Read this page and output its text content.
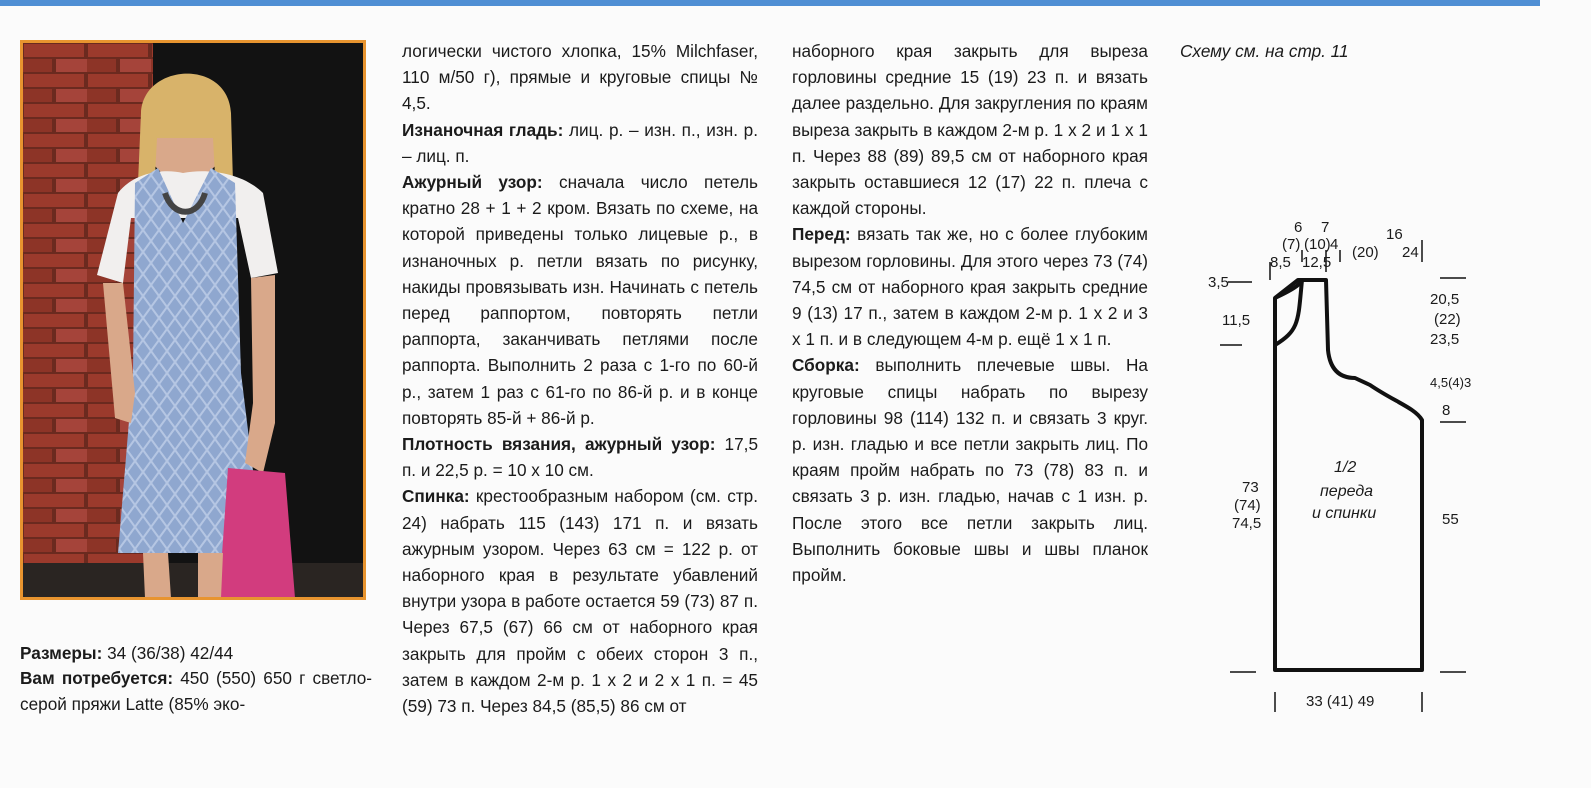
Размеры: 34 (36/38) 42/44

Вам потребуется: 450 (550) 650 г светло-серой пряжи Latte (85% эко-

логически чистого хлопка, 15% Milchfaser, 110 м/50 г), прямые и круговые спицы № 4,5.

Изнаночная гладь: лиц. р. – изн. п., изн. р. – лиц. п.

Ажурный узор: сначала число петель кратно 28 + 1 + 2 кром. Вязать по схеме, на которой приведены только лицевые р., в изнаночных р. петли вязать по рисунку, накиды провязывать изн. Начинать с петель перед раппортом, повторять петли раппорта, заканчивать петлями после раппорта. Выполнить 2 раза с 1-го по 60-й р., затем 1 раз с 61-го по 86-й р. и в конце повторять 85-й + 86-й р.

Плотность вязания, ажурный узор: 17,5 п. и 22,5 р. = 10 х 10 см.

Спинка: крестообразным набором (см. стр. 24) набрать 115 (143) 171 п. и вязать ажурным узором. Через 63 см = 122 р. от наборного края в результате убавлений внутри узора в работе остается 59 (73) 87 п. Через 67,5 (67) 66 см от наборного края закрыть для пройм с обеих сторон 3 п., затем в каждом 2-м р. 1 х 2 и 2 х 1 п. = 45 (59) 73 п. Через 84,5 (85,5) 86 см от

наборного края закрыть для выреза горловины средние 15 (19) 23 п. и вязать далее раздельно. Для закругления по краям выреза закрыть в каждом 2-м р. 1 х 2 и 1 х 1 п. Через 88 (89) 89,5 см от наборного края закрыть оставшиеся 12 (17) 22 п. плеча с каждой стороны.

Перед: вязать так же, но с более глубоким вырезом горловины. Для этого через 73 (74) 74,5 см от наборного края закрыть средние 9 (13) 17 п., затем в каждом 2-м р. 1 х 2 и 3 х 1 п. и в следующем 4-м р. ещё 1 х 1 п.

Сборка: выполнить плечевые швы. На круговые спицы набрать по вырезу горловины 98 (114) 132 п. и связать 3 круг. р. изн. гладью и все петли закрыть лиц. По краям пройм набрать по 73 (78) 83 п. и связать 3 р. изн. гладью, начав с 1 изн. р. После этого все петли закрыть лиц. Выполнить боковые швы и швы планок пройм.

Схему см. на стр. 11

6
(7)
8,5
7
(10)
12,5
4
16
(20) 24
3,5
11,5
20,5
(22)
23,5
4,5(4)3
8
55
73
(74)
74,5
1/2
переда
и спинки
33 (41) 49
